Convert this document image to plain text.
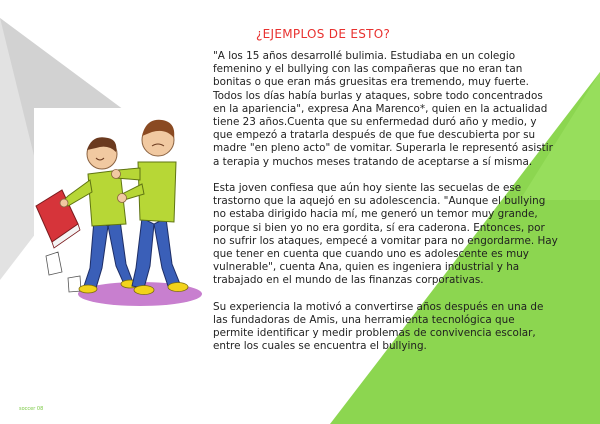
¿EJEMPLOS DE ESTO?

"A los 15 años desarrollé bulimia. Estudiaba en un colegio femenino y el bullying con las compañeras que no eran tan bonitas o que eran más gruesitas era tremendo, muy fuerte. Todos los días había burlas y ataques, sobre todo concentrados en la apariencia", expresa Ana Marenco*, quien en la actualidad tiene 23 años.Cuenta que su enfermedad duró año y medio, y que empezó a tratarla después de que fue descubierta por su madre "en pleno acto" de vomitar. Superarla le representó asistir a terapia y muchos meses tratando de aceptarse a sí misma.

Esta joven confiesa que aún hoy siente las secuelas de ese trastorno que la aquejó en su adolescencia. "Aunque el bullying no estaba dirigido hacia mí, me generó un temor muy grande, porque si bien yo no era gordita, sí era caderona. Entonces, por no sufrir los ataques, empecé a vomitar para no engordarme. Hay que tener en cuenta que cuando uno es adolescente es muy vulnerable", cuenta Ana, quien es ingeniera industrial y ha trabajado en el mundo de las finanzas corporativas.

Su experiencia la motivó a convertirse años después en una de las fundadoras de Amis, una herramienta tecnológica que permite identificar y medir problemas de convivencia escolar, entre los cuales se encuentra el bullying.

soccer 08
